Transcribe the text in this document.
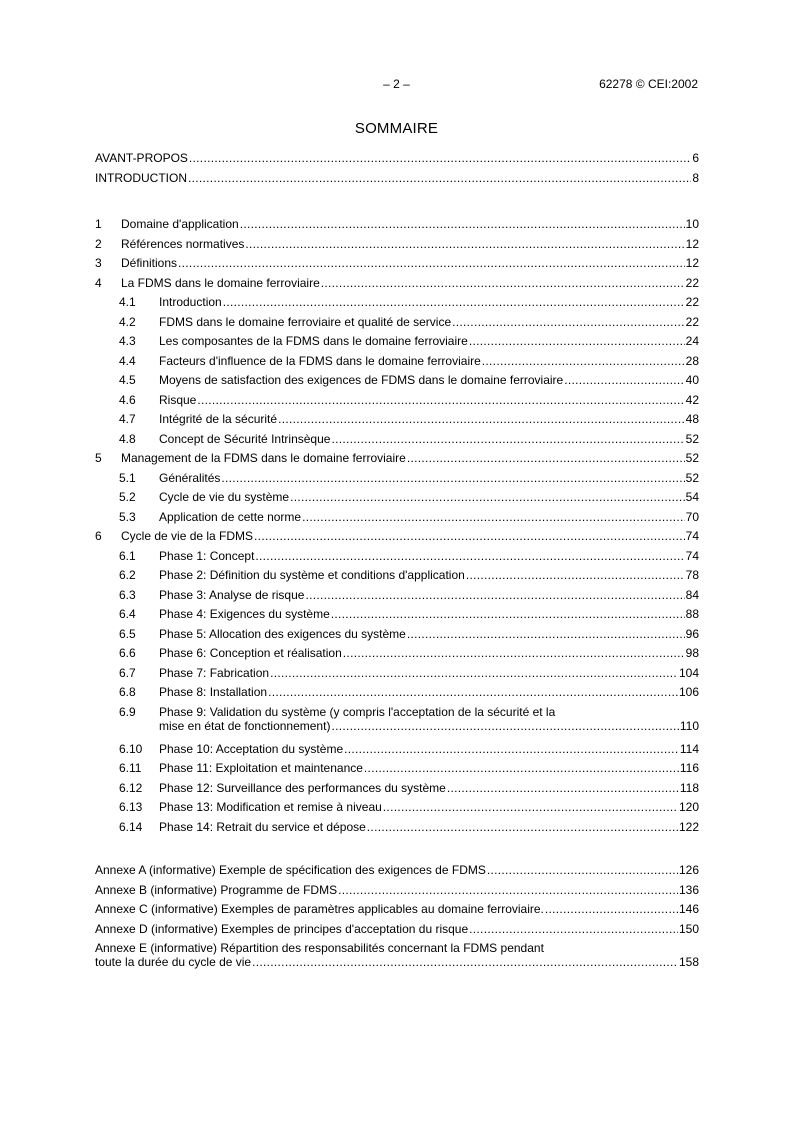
– 2 –	62278 © CEI:2002
SOMMAIRE
AVANT-PROPOS .....	6
INTRODUCTION .....	8
1 Domaine d'application .....	10
2 Références normatives .....	12
3 Définitions .....	12
4 La FDMS dans le domaine ferroviaire .....	22
4.1 Introduction .....	22
4.2 FDMS dans le domaine ferroviaire et qualité de service .....	22
4.3 Les composantes de la FDMS dans le domaine ferroviaire .....	24
4.4 Facteurs d'influence de la FDMS dans le domaine ferroviaire .....	28
4.5 Moyens de satisfaction des exigences de FDMS dans le domaine ferroviaire .....	40
4.6 Risque .....	42
4.7 Intégrité de la sécurité .....	48
4.8 Concept de Sécurité Intrinsèque .....	52
5 Management de la FDMS dans le domaine ferroviaire .....	52
5.1 Généralités .....	52
5.2 Cycle de vie du système .....	54
5.3 Application de cette norme .....	70
6 Cycle de vie de la FDMS .....	74
6.1 Phase 1: Concept .....	74
6.2 Phase 2: Définition du système et conditions d'application .....	78
6.3 Phase 3: Analyse de risque .....	84
6.4 Phase 4: Exigences du système .....	88
6.5 Phase 5: Allocation des exigences du système .....	96
6.6 Phase 6: Conception et réalisation .....	98
6.7 Phase 7: Fabrication .....	104
6.8 Phase 8: Installation .....	106
6.9 Phase 9: Validation du système (y compris l'acceptation de la sécurité et la
mise en état de fonctionnement) .....	110
6.10 Phase 10: Acceptation du système .....	114
6.11 Phase 11: Exploitation et maintenance .....	116
6.12 Phase 12: Surveillance des performances du système .....	118
6.13 Phase 13: Modification et remise à niveau .....	120
6.14 Phase 14: Retrait du service et dépose .....	122
Annexe A (informative) Exemple de spécification des exigences de FDMS .....	126
Annexe B (informative) Programme de FDMS .....	136
Annexe C (informative) Exemples de paramètres applicables au domaine ferroviaire. .....	146
Annexe D (informative) Exemples de principes d'acceptation du risque .....	150
Annexe E (informative) Répartition des responsabilités concernant la FDMS pendant
toute la durée du cycle de vie .....	158
